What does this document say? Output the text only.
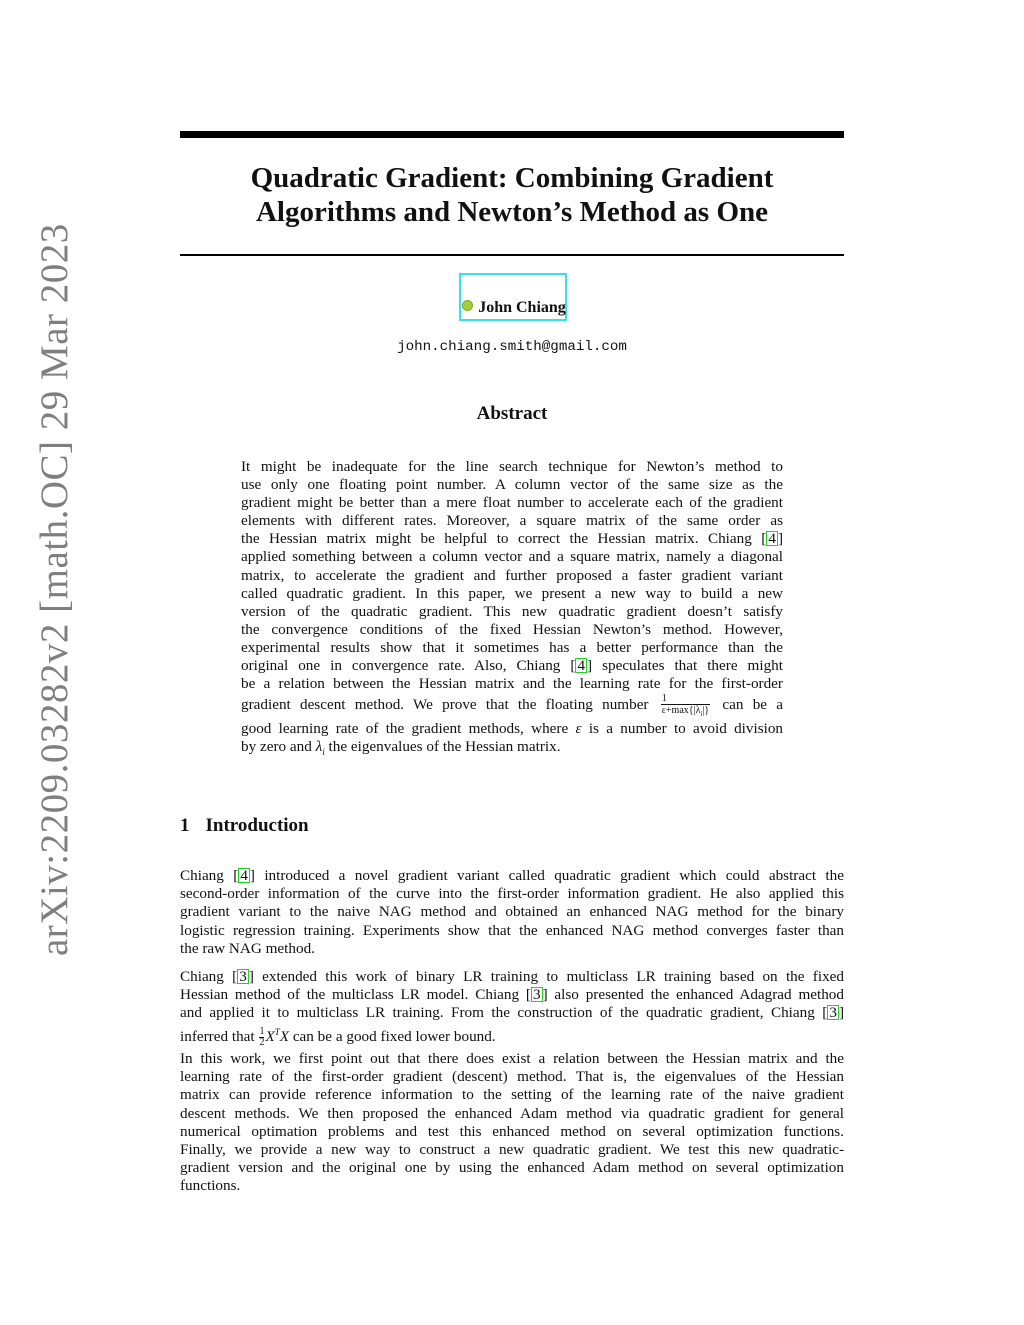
arXiv:2209.03282v2 [math.OC] 29 Mar 2023
Quadratic Gradient: Combining Gradient
Algorithms and Newton’s Method as One
John Chiang
john.chiang.smith@gmail.com
Abstract
It might be inadequate for the line search technique for Newton’s method to
use only one floating point number. A column vector of the same size as the
gradient might be better than a mere float number to accelerate each of the gradient
elements with different rates. Moreover, a square matrix of the same order as
the Hessian matrix might be helpful to correct the Hessian matrix. Chiang [ 4 ]
applied something between a column vector and a square matrix, namely a diagonal
matrix, to accelerate the gradient and further proposed a faster gradient variant
called quadratic gradient. In this paper, we present a new way to build a new
version of the quadratic gradient. This new quadratic gradient doesn’t satisfy
the convergence conditions of the fixed Hessian Newton’s method. However,
experimental results show that it sometimes has a better performance than the
original one in convergence rate. Also, Chiang [ 4 ] speculates that there might
be a relation between the Hessian matrix and the learning rate for the first-order
gradient descent method. We prove that the floating number $\frac{1}{\varepsilon+\max\{|\lambda_i|\}}$ can be a
good learning rate of the gradient methods, where ε is a number to avoid division
by zero and $\lambda_i$ the eigenvalues of the Hessian matrix.
1 Introduction
Chiang [ 4 ] introduced a novel gradient variant called quadratic gradient which could abstract the
second-order information of the curve into the first-order information gradient. He also applied this
gradient variant to the naive NAG method and obtained an enhanced NAG method for the binary
logistic regression training. Experiments show that the enhanced NAG method converges faster than
the raw NAG method.
Chiang [ 3 ] extended this work of binary LR training to multiclass LR training based on the fixed
Hessian method of the multiclass LR model. Chiang [ 3 ] also presented the enhanced Adagrad method
and applied it to multiclass LR training. From the construction of the quadratic gradient, Chiang [ 3 ]
inferred that $\frac{1}{2} X^TX$ can be a good fixed lower bound.
In this work, we first point out that there does exist a relation between the Hessian matrix and the
learning rate of the first-order gradient (descent) method. That is, the eigenvalues of the Hessian
matrix can provide reference information to the setting of the learning rate of the naive gradient
descent methods. We then proposed the enhanced Adam method via quadratic gradient for general
numerical optimation problems and test this enhanced method on several optimization functions.
Finally, we provide a new way to construct a new quadratic gradient. We test this new quadratic-
gradient version and the original one by using the enhanced Adam method on several optimization
functions.
